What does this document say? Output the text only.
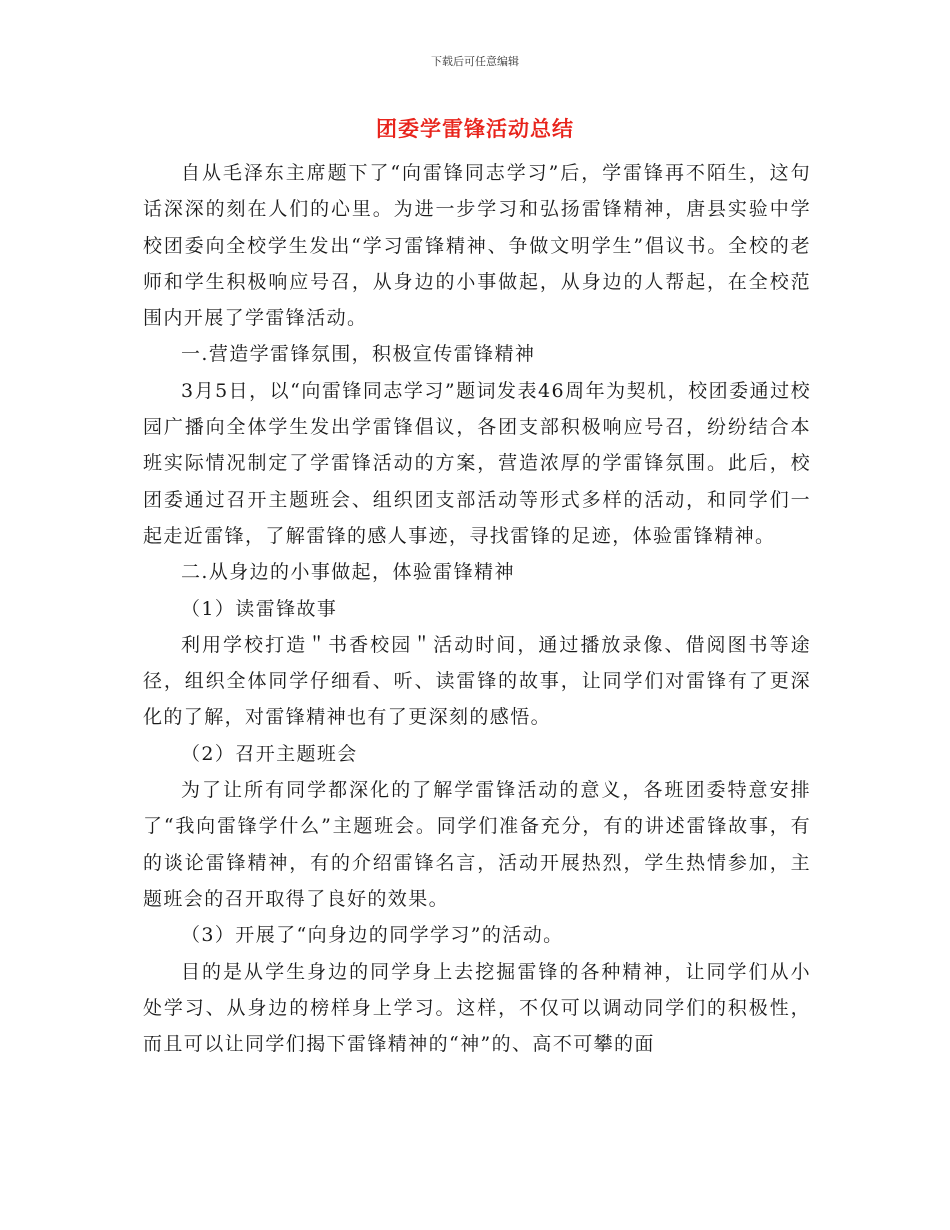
下载后可任意编辑
团委学雷锋活动总结

自从毛泽东主席题下了“向雷锋同志学习”后，学雷锋再不陌生，这句话深深的刻在人们的心里。为进一步学习和弘扬雷锋精神，唐县实验中学校团委向全校学生发出“学习雷锋精神、争做文明学生”倡议书。全校的老师和学生积极响应号召，从身边的小事做起，从身边的人帮起，在全校范围内开展了学雷锋活动。

一.营造学雷锋氛围，积极宣传雷锋精神

3月5日，以“向雷锋同志学习”题词发表46周年为契机，校团委通过校园广播向全体学生发出学雷锋倡议，各团支部积极响应号召，纷纷结合本班实际情况制定了学雷锋活动的方案，营造浓厚的学雷锋氛围。此后，校团委通过召开主题班会、组织团支部活动等形式多样的活动，和同学们一起走近雷锋，了解雷锋的感人事迹，寻找雷锋的足迹，体验雷锋精神。

二.从身边的小事做起，体验雷锋精神

（1）读雷锋故事

利用学校打造＂书香校园＂活动时间，通过播放录像、借阅图书等途径，组织全体同学仔细看、听、读雷锋的故事，让同学们对雷锋有了更深化的了解，对雷锋精神也有了更深刻的感悟。

（2）召开主题班会

为了让所有同学都深化的了解学雷锋活动的意义，各班团委特意安排了“我向雷锋学什么”主题班会。同学们准备充分，有的讲述雷锋故事，有的谈论雷锋精神，有的介绍雷锋名言，活动开展热烈，学生热情参加，主题班会的召开取得了良好的效果。

（3）开展了“向身边的同学学习”的活动。

目的是从学生身边的同学身上去挖掘雷锋的各种精神，让同学们从小处学习、从身边的榜样身上学习。这样，不仅可以调动同学们的积极性，而且可以让同学们揭下雷锋精神的“神”的、高不可攀的面
